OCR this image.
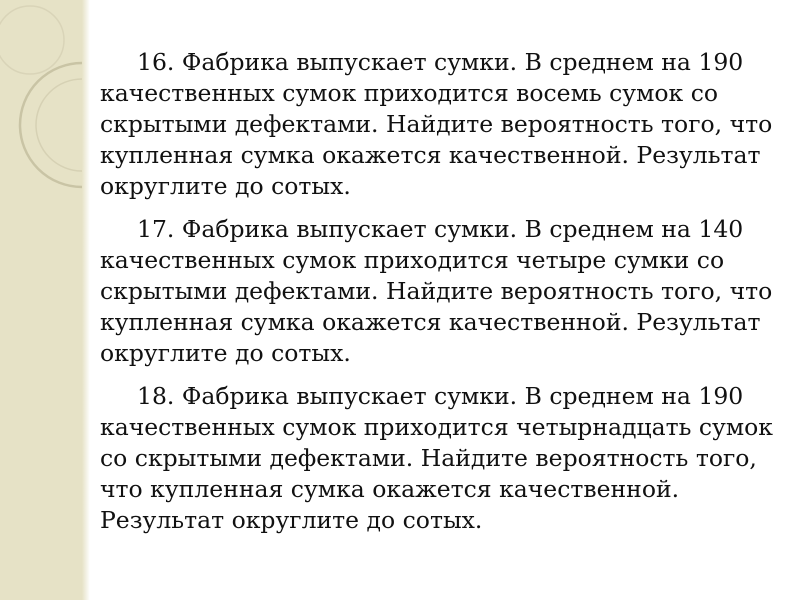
16. Фабрика выпускает сумки. В среднем на 190 качественных сумок приходится восемь сумок со скрытыми дефектами. Найдите вероятность того, что купленная сумка окажется качественной. Результат округлите до сотых.

17. Фабрика выпускает сумки. В среднем на 140 качественных сумок приходится четыре сумки со скрытыми дефектами. Найдите вероятность того, что купленная сумка окажется качественной. Результат округлите до сотых.

18. Фабрика выпускает сумки. В среднем на 190 качественных сумок приходится четырнадцать сумок со скрытыми дефектами. Найдите вероятность того, что купленная сумка окажется качественной. Результат округлите до сотых.
